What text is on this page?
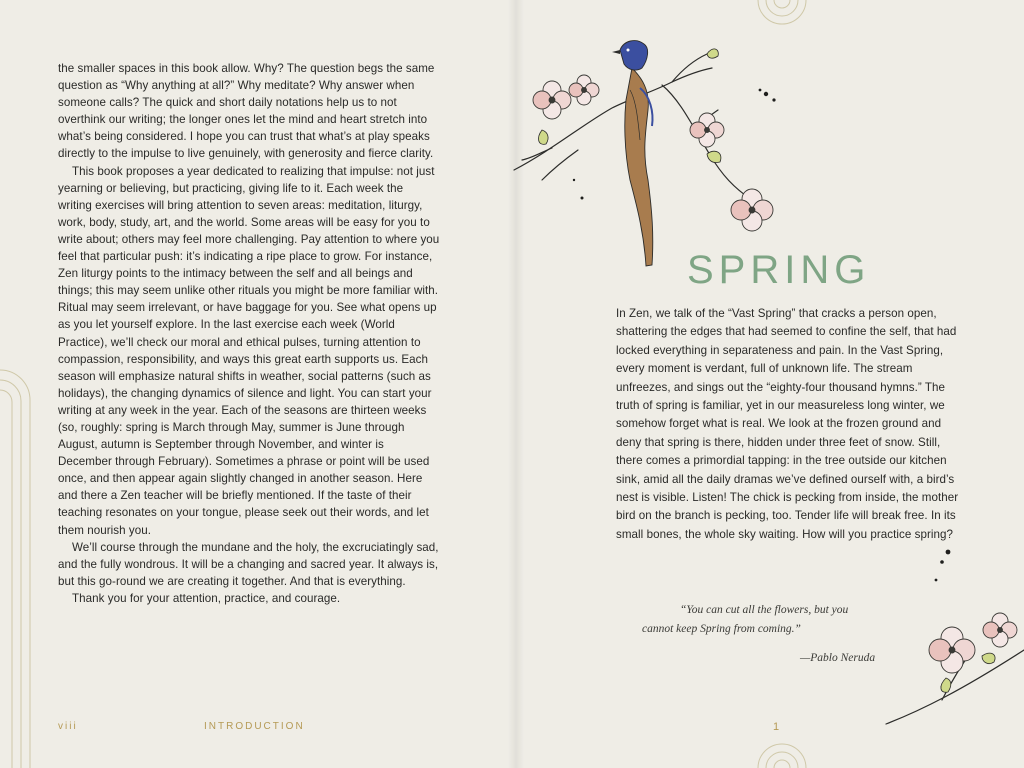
the smaller spaces in this book allow. Why? The question begs the same question as “Why anything at all?” Why meditate? Why answer when someone calls? The quick and short daily notations help us to not overthink our writing; the longer ones let the mind and heart stretch into what’s being considered. I hope you can trust that what’s at play speaks directly to the impulse to live genuinely, with generosity and fierce clarity.

This book proposes a year dedicated to realizing that impulse: not just yearning or believing, but practicing, giving life to it. Each week the writing exercises will bring attention to seven areas: meditation, liturgy, work, body, study, art, and the world. Some areas will be easy for you to write about; others may feel more challenging. Pay attention to where you feel that particular push: it’s indicating a ripe place to grow. For instance, Zen liturgy points to the intimacy between the self and all beings and things; this may seem unlike other rituals you might be more familiar with. Ritual may seem irrelevant, or have baggage for you. See what opens up as you let yourself explore. In the last exercise each week (World Practice), we’ll check our moral and ethical pulses, turning attention to compassion, responsibility, and ways this great earth supports us. Each season will emphasize natural shifts in weather, social patterns (such as holidays), the changing dynamics of silence and light. You can start your writing at any week in the year. Each of the seasons are thirteen weeks (so, roughly: spring is March through May, summer is June through August, autumn is September through November, and winter is December through February). Sometimes a phrase or point will be used once, and then appear again slightly changed in another season. Here and there a Zen teacher will be briefly mentioned. If the taste of their teaching resonates on your tongue, please seek out their words, and let them nourish you.

We’ll course through the mundane and the holy, the excruciatingly sad, and the fully wondrous. It will be a changing and sacred year. It always is, but this go-round we are creating it together. And that is everything.

Thank you for your attention, practice, and courage.

viii	INTRODUCTION
SPRING

In Zen, we talk of the “Vast Spring” that cracks a person open, shattering the edges that had seemed to confine the self, that had locked everything in separateness and pain. In the Vast Spring, every moment is verdant, full of unknown life. The stream unfreezes, and sings out the “eighty-four thousand hymns.” The truth of spring is familiar, yet in our measureless long winter, we somehow forget what is real. We look at the frozen ground and deny that spring is there, hidden under three feet of snow. Still, there comes a primordial tapping: in the tree outside our kitchen sink, amid all the daily dramas we’ve defined ourself with, a bird’s nest is visible. Listen! The chick is pecking from inside, the mother bird on the branch is pecking, too. Tender life will break free. In its small bones, the whole sky waiting. How will you practice spring?

“You can cut all the flowers, but you
cannot keep Spring from coming.”
—Pablo Neruda
1
